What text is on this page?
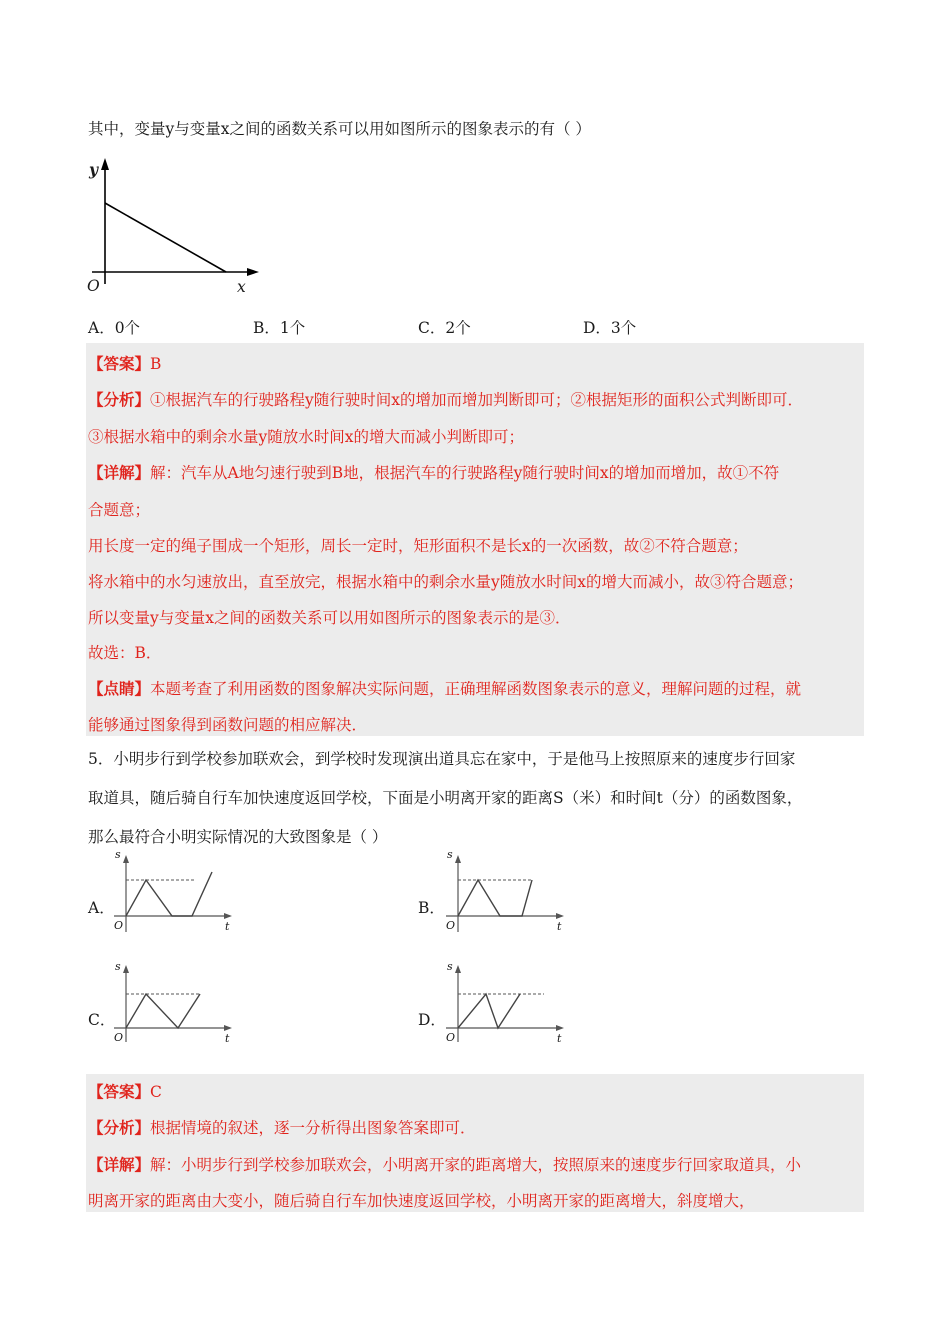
其中，变量y与变量x之间的函数关系可以用如图所示的图象表示的有（ ）
y
O	x
A．0个	B．1个	C．2个	D．3个
【答案】B
【分析】①根据汽车的行驶路程y随行驶时间x的增加而增加判断即可；②根据矩形的面积公式判断即可．
③根据水箱中的剩余水量y随放水时间x的增大而减小判断即可；
【详解】解：汽车从A地匀速行驶到B地，根据汽车的行驶路程y随行驶时间x的增加而增加，故①不符
合题意；
用长度一定的绳子围成一个矩形，周长一定时，矩形面积不是长x的一次函数，故②不符合题意；
将水箱中的水匀速放出，直至放完，根据水箱中的剩余水量y随放水时间x的增大而减小，故③符合题意；
所以变量y与变量x之间的函数关系可以用如图所示的图象表示的是③．
故选：B．
【点睛】本题考查了利用函数的图象解决实际问题，正确理解函数图象表示的意义，理解问题的过程，就
能够通过图象得到函数问题的相应解决．
5．小明步行到学校参加联欢会，到学校时发现演出道具忘在家中，于是他马上按照原来的速度步行回家
取道具，随后骑自行车加快速度返回学校，下面是小明离开家的距离S（米）和时间t（分）的函数图象，
那么最符合小明实际情况的大致图象是（ ）
A．
s
O	t
B．
s
O	t
C．
s
O	t
D．
s
O	t
【答案】C
【分析】根据情境的叙述，逐一分析得出图象答案即可．
【详解】解：小明步行到学校参加联欢会，小明离开家的距离增大，按照原来的速度步行回家取道具，小
明离开家的距离由大变小，随后骑自行车加快速度返回学校，小明离开家的距离增大，斜度增大，
